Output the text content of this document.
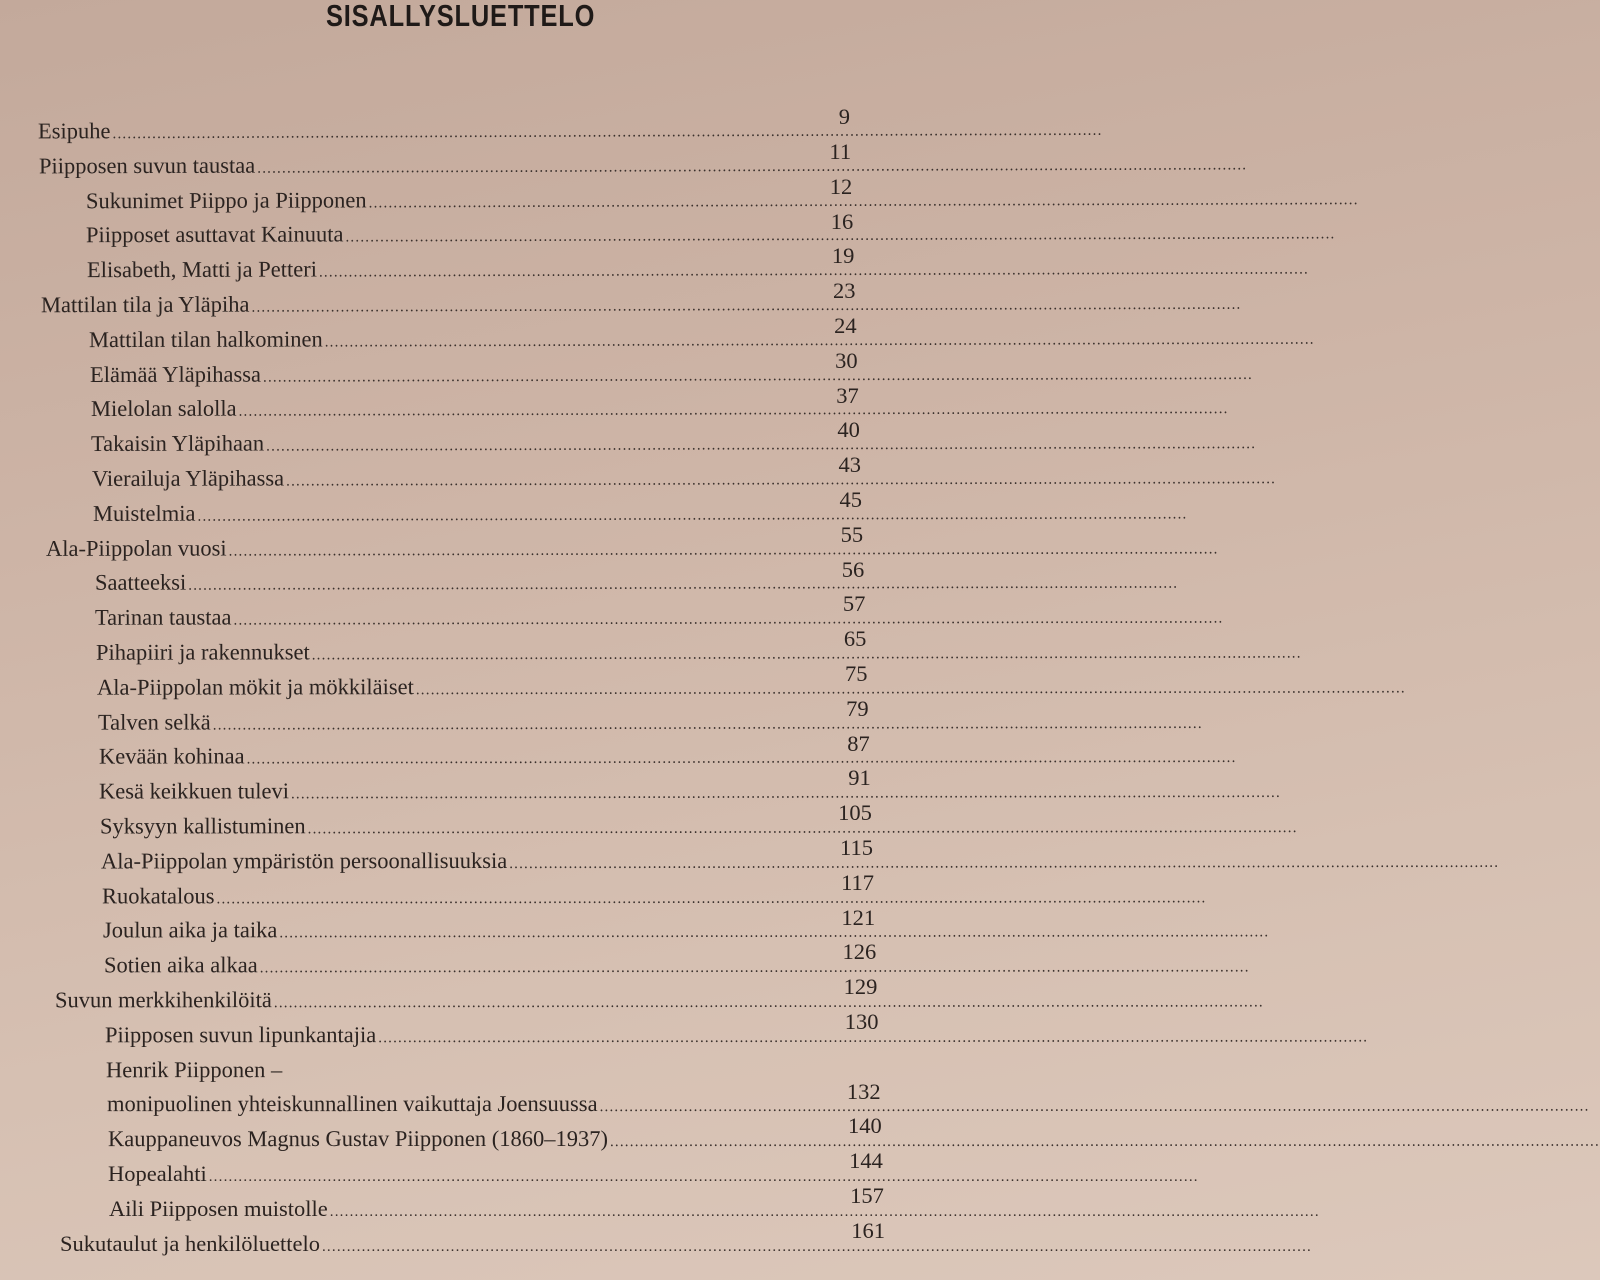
SISALLYSLUETTELO
Esipuhe ........................................................................................................................................................................................................
9
Piipposen suvun taustaa ........................................................................................................................................................................................................
11
Sukunimet Piippo ja Piipponen ........................................................................................................................................................................................................
12
Piipposet asuttavat Kainuuta ........................................................................................................................................................................................................
16
Elisabeth, Matti ja Petteri ........................................................................................................................................................................................................
19
Mattilan tila ja Yläpiha ........................................................................................................................................................................................................
23
Mattilan tilan halkominen ........................................................................................................................................................................................................
24
Elämää Yläpihassa ........................................................................................................................................................................................................
30
Mielolan salolla ........................................................................................................................................................................................................
37
Takaisin Yläpihaan ........................................................................................................................................................................................................
40
Vierailuja Yläpihassa ........................................................................................................................................................................................................
43
Muistelmia ........................................................................................................................................................................................................
45
Ala-Piippolan vuosi ........................................................................................................................................................................................................
55
Saatteeksi ........................................................................................................................................................................................................
56
Tarinan taustaa ........................................................................................................................................................................................................
57
Pihapiiri ja rakennukset ........................................................................................................................................................................................................
65
Ala-Piippolan mökit ja mökkiläiset ........................................................................................................................................................................................................
75
Talven selkä ........................................................................................................................................................................................................
79
Kevään kohinaa ........................................................................................................................................................................................................
87
Kesä keikkuen tulevi ........................................................................................................................................................................................................
91
Syksyyn kallistuminen ........................................................................................................................................................................................................
105
Ala-Piippolan ympäristön persoonallisuuksia ........................................................................................................................................................................................................
115
Ruokatalous ........................................................................................................................................................................................................
117
Joulun aika ja taika ........................................................................................................................................................................................................
121
Sotien aika alkaa ........................................................................................................................................................................................................
126
Suvun merkkihenkilöitä ........................................................................................................................................................................................................
129
Piipposen suvun lipunkantajia ........................................................................................................................................................................................................
130
Henrik Piipponen –
monipuolinen yhteiskunnallinen vaikuttaja Joensuussa ........................................................................................................................................................................................................
132
Kauppaneuvos Magnus Gustav Piipponen (1860–1937) ........................................................................................................................................................................................................
140
Hopealahti ........................................................................................................................................................................................................
144
Aili Piipposen muistolle ........................................................................................................................................................................................................
157
Sukutaulut ja henkilöluettelo ........................................................................................................................................................................................................
161
